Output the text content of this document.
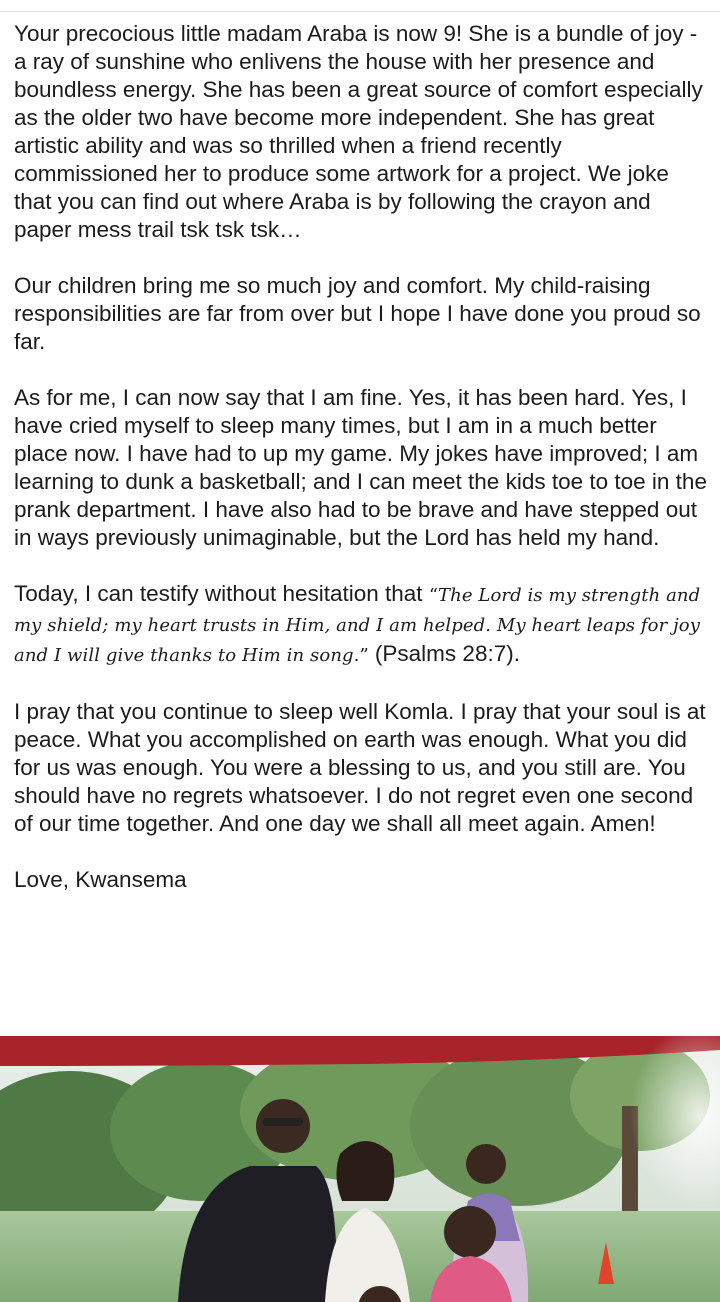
Your precocious little madam Araba is now 9! She is a bundle of joy - a ray of sunshine who enlivens the house with her presence and boundless energy. She has been a great source of comfort especially as the older two have become more independent. She has great artistic ability and was so thrilled when a friend recently commissioned her to produce some artwork for a project. We joke that you can find out where Araba is by following the crayon and paper mess trail tsk tsk tsk…

Our children bring me so much joy and comfort. My child-raising responsibilities are far from over but I hope I have done you proud so far.

As for me, I can now say that I am fine. Yes, it has been hard. Yes, I have cried myself to sleep many times, but I am in a much better place now. I have had to up my game. My jokes have improved; I am learning to dunk a basketball; and I can meet the kids toe to toe in the prank department. I have also had to be brave and have stepped out in ways previously unimaginable, but the Lord has held my hand.

Today, I can testify without hesitation that “The Lord is my strength and my shield; my heart trusts in Him, and I am helped. My heart leaps for joy and I will give thanks to Him in song.” (Psalms 28:7).

I pray that you continue to sleep well Komla. I pray that your soul is at peace. What you accomplished on earth was enough. What you did for us was enough. You were a blessing to us, and you still are. You should have no regrets whatsoever. I do not regret even one second of our time together. And one day we shall all meet again. Amen!

Love, Kwansema
